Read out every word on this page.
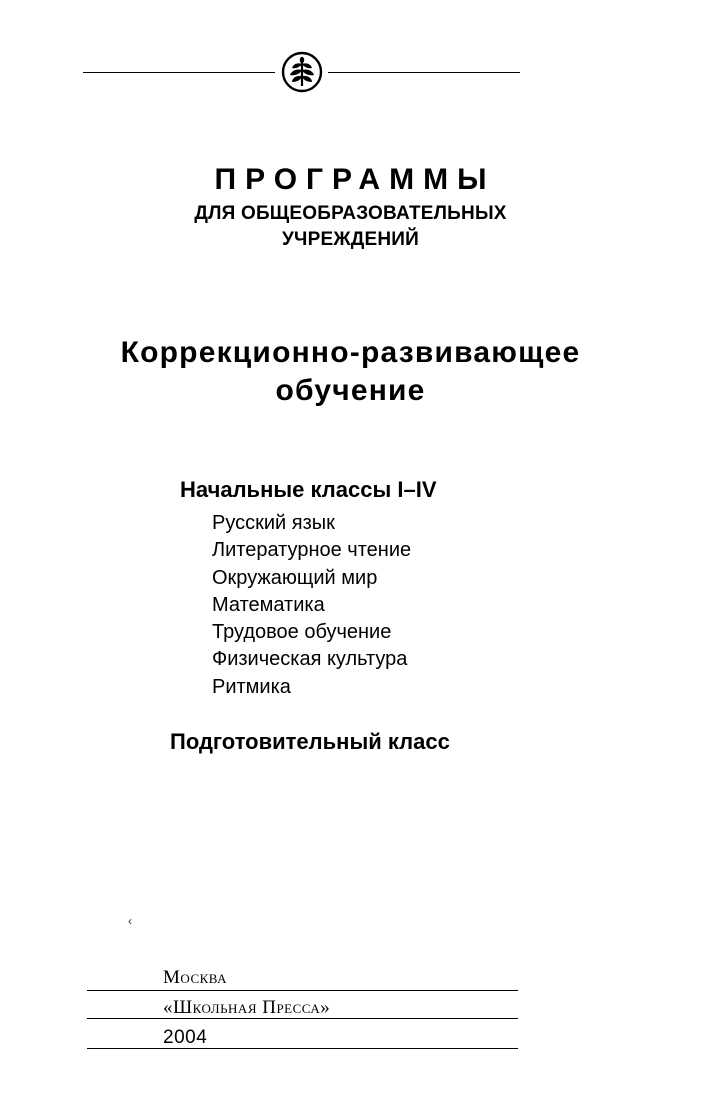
ПРОГРАММЫ
ДЛЯ ОБЩЕОБРАЗОВАТЕЛЬНЫХ
УЧРЕЖДЕНИЙ
Коррекционно-развивающее
обучение
Начальные классы I–IV
Русский язык
Литературное чтение
Окружающий мир
Математика
Трудовое обучение
Физическая культура
Ритмика
Подготовительный класс
‹
Москва
«Школьная Пресса»
2004
